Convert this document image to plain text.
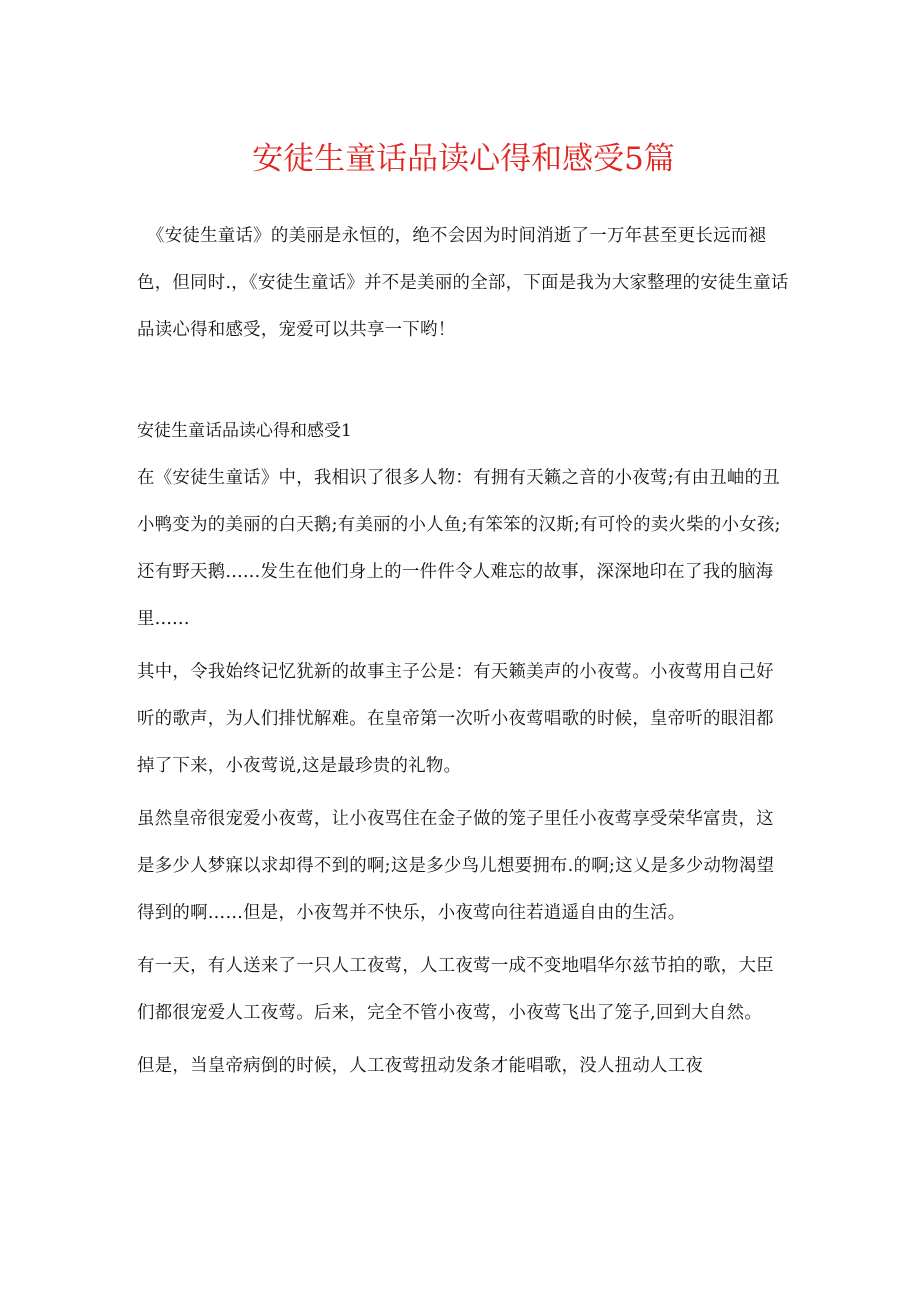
安徒生童话品读心得和感受5篇

《安徒生童话》的美丽是永恒的，绝不会因为时间消逝了一万年甚至更长远而褪色，但同时.，《安徒生童话》并不是美丽的全部，下面是我为大家整理的安徒生童话品读心得和感受，宠爱可以共享一下哟！

安徒生童话品读心得和感受1

在《安徒生童话》中，我相识了很多人物：有拥有天籁之音的小夜莺;有由丑岫的丑小鸭变为的美丽的白天鹅;有美丽的小人鱼;有笨笨的汉斯;有可怜的卖火柴的小女孩;还有野天鹅......发生在他们身上的一件件令人难忘的故事，深深地印在了我的脑海里......

其中，令我始终记忆犹新的故事主子公是：有天籁美声的小夜莺。小夜莺用自己好听的歌声，为人们排忧解难。在皇帝第一次听小夜莺唱歌的时候，皇帝听的眼泪都掉了下来，小夜莺说,这是最珍贵的礼物。

虽然皇帝很宠爱小夜莺，让小夜骂住在金子做的笼子里任小夜莺享受荣华富贵，这是多少人梦寐以求却得不到的啊;这是多少鸟儿想要拥布.的啊;这乂是多少动物渴望得到的啊……但是，小夜驾并不快乐，小夜莺向往若逍遥自由的生活。

有一天，有人送来了一只人工夜莺，人工夜莺一成不变地唱华尔兹节拍的歌，大臣们都很宠爱人工夜莺。后来，完全不管小夜莺，小夜莺飞出了笼子,回到大自然。

但是，当皇帝病倒的时候，人工夜莺扭动发条才能唱歌，没人扭动人工夜
